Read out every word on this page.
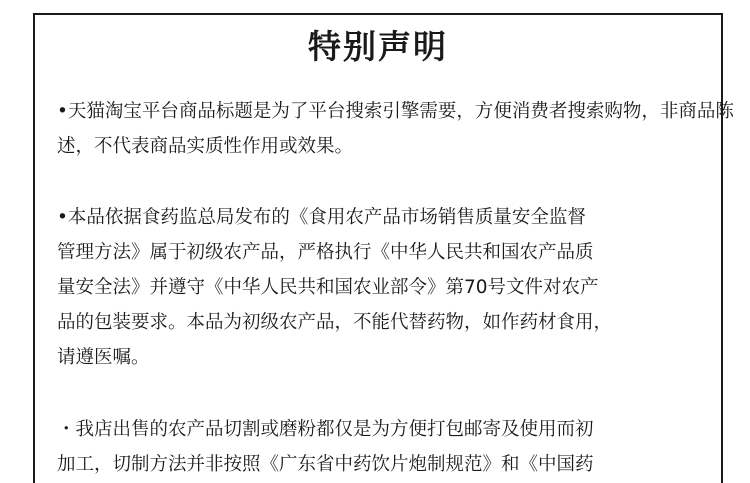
特别声明

•天猫淘宝平台商品标题是为了平台搜索引擎需要，方便消费者搜索购物，非商品陈
述，不代表商品实质性作用或效果。

•本品依据食药监总局发布的《食用农产品市场销售质量安全监督
管理方法》属于初级农产品，严格执行《中华人民共和国农产品质
量安全法》并遵守《中华人民共和国农业部令》第70号文件对农产
品的包装要求。本品为初级农产品，不能代替药物，如作药材食用，
请遵医嘱。

・我店出售的农产品切割或磨粉都仅是为方便打包邮寄及使用而初
加工，切制方法并非按照《广东省中药饮片炮制规范》和《中国药
